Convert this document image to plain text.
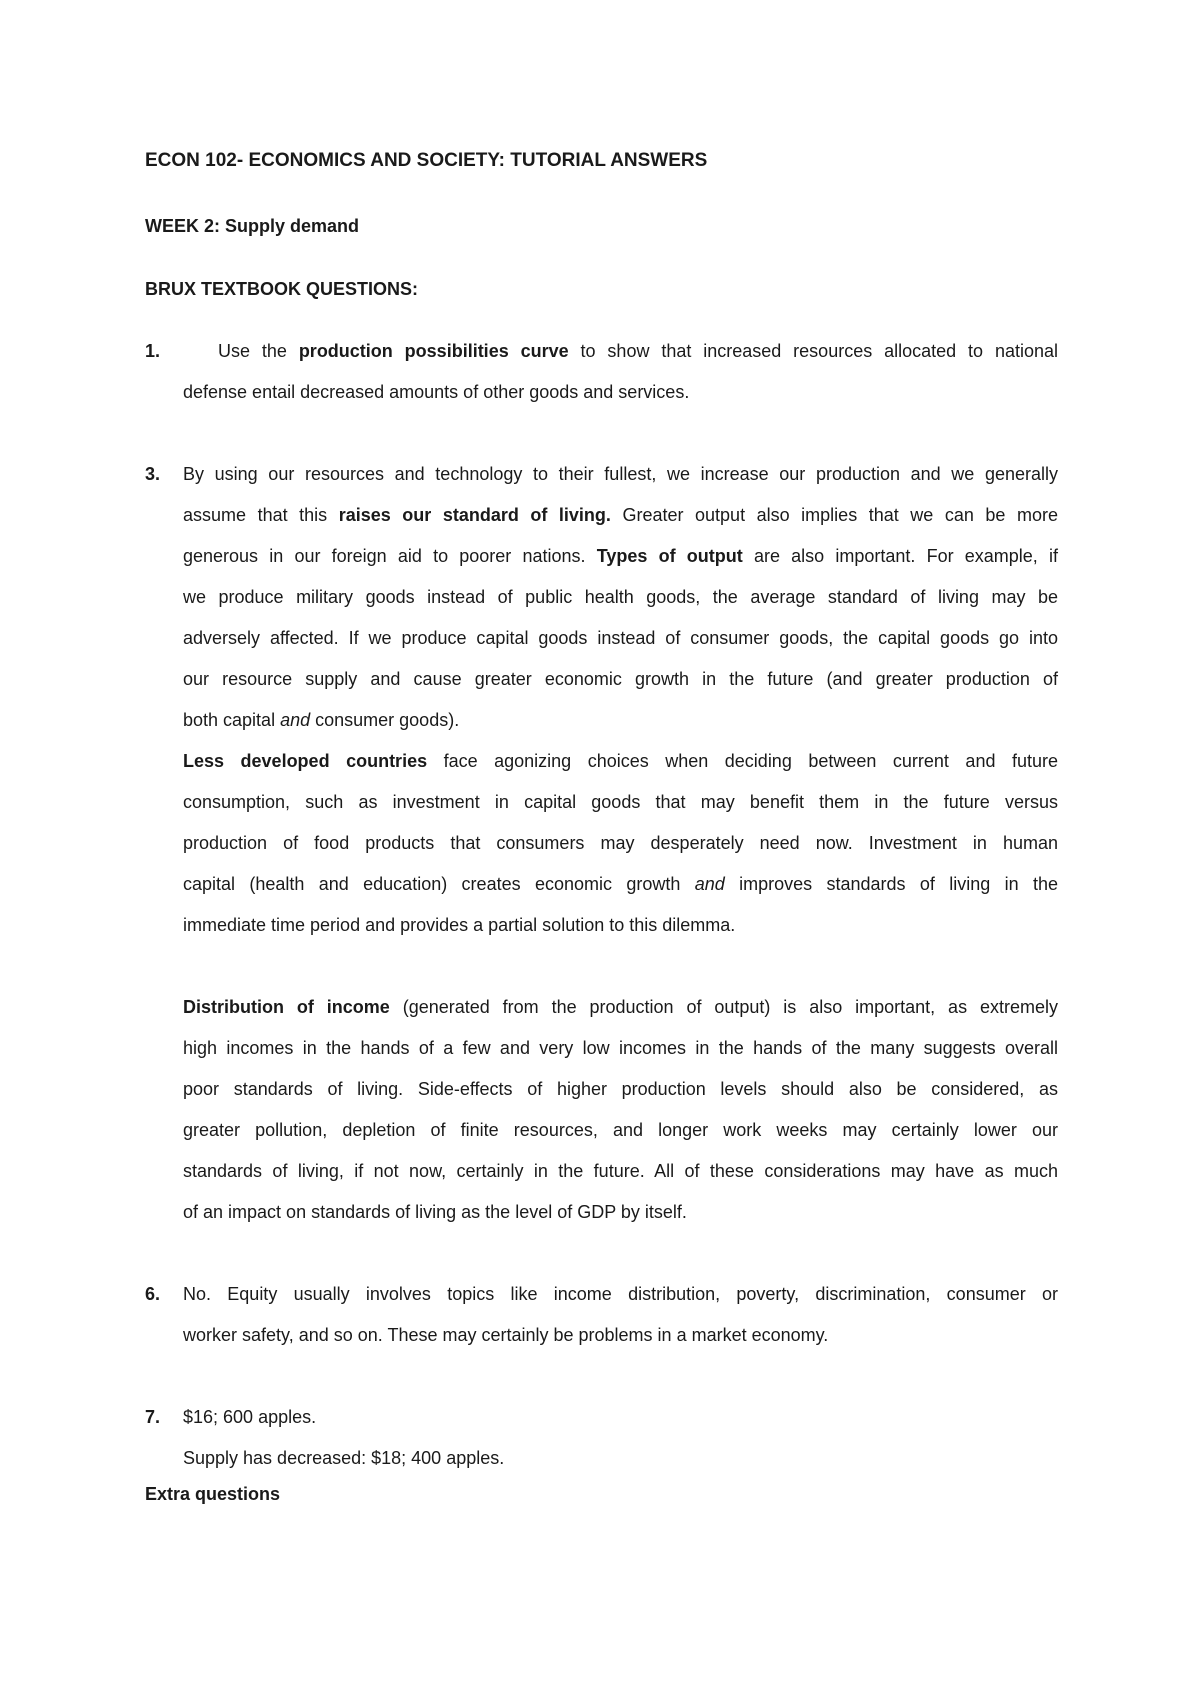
ECON 102- ECONOMICS AND SOCIETY: TUTORIAL ANSWERS
WEEK 2: Supply demand
BRUX TEXTBOOK QUESTIONS:
1.	Use the production possibilities curve to show that increased resources allocated to national
defense entail decreased amounts of other goods and services.
3. By using our resources and technology to their fullest, we increase our production and we generally
assume that this raises our standard of living. Greater output also implies that we can be more
generous in our foreign aid to poorer nations. Types of output are also important. For example, if
we produce military goods instead of public health goods, the average standard of living may be
adversely affected. If we produce capital goods instead of consumer goods, the capital goods go into
our resource supply and cause greater economic growth in the future (and greater production of
both capital and consumer goods).
Less developed countries face agonizing choices when deciding between current and future
consumption, such as investment in capital goods that may benefit them in the future versus
production of food products that consumers may desperately need now. Investment in human
capital (health and education) creates economic growth and improves standards of living in the
immediate time period and provides a partial solution to this dilemma.
Distribution of income (generated from the production of output) is also important, as extremely
high incomes in the hands of a few and very low incomes in the hands of the many suggests overall
poor standards of living. Side-effects of higher production levels should also be considered, as
greater pollution, depletion of finite resources, and longer work weeks may certainly lower our
standards of living, if not now, certainly in the future. All of these considerations may have as much
of an impact on standards of living as the level of GDP by itself.
6. No. Equity usually involves topics like income distribution, poverty, discrimination, consumer or
worker safety, and so on. These may certainly be problems in a market economy.
7. $16; 600 apples.
Supply has decreased: $18; 400 apples.
Extra questions
